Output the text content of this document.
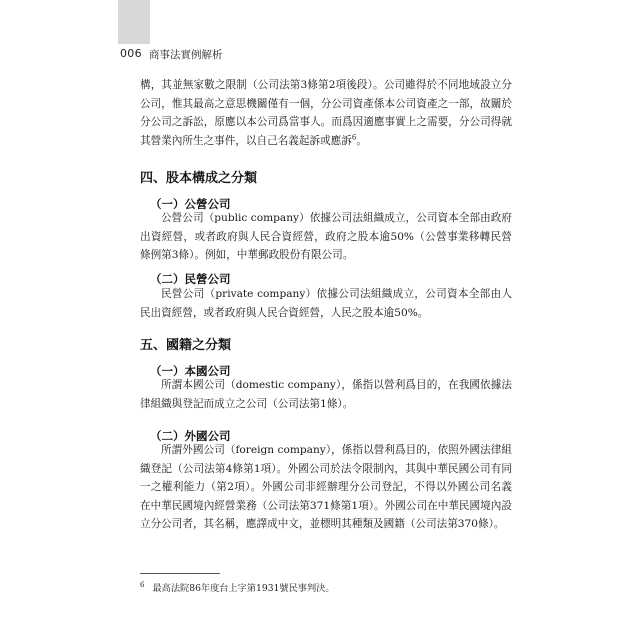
006 商事法實例解析

構，其並無家數之限制（公司法第3條第2項後段）。公司雖得於不同地域設立分公司，惟其最高之意思機關僅有一個，分公司資產係本公司資產之一部，故關於分公司之訴訟，原應以本公司爲當事人。而爲因適應事實上之需要，分公司得就其營業內所生之事件，以自己名義起訴或應訴$^6$。

四、股本構成之分類
（一）公營公司

公營公司（public company）依據公司法組織成立，公司資本全部由政府出資經營，或者政府與人民合資經營，政府之股本逾50%（公營事業移轉民營條例第3條）。例如，中華郵政股份有限公司。

（二）民營公司

民營公司（private company）依據公司法組織成立，公司資本全部由人民出資經營，或者政府與人民合資經營，人民之股本逾50%。

五、國籍之分類
（一）本國公司

所謂本國公司（domestic company），係指以營利爲目的，在我國依據法律組織與登記而成立之公司（公司法第1條）。

（二）外國公司

所謂外國公司（foreign company），係指以營利爲目的，依照外國法律組織登記（公司法第4條第1項）。外國公司於法令限制內，其與中華民國公司有同一之權利能力（第2項）。外國公司非經辦理分公司登記，不得以外國公司名義在中華民國境內經營業務（公司法第371條第1項）。外國公司在中華民國境內設立分公司者，其名稱，應譯成中文，並標明其種類及國籍（公司法第370條）。

$^6$ 最高法院86年度台上字第1931號民事判決。
